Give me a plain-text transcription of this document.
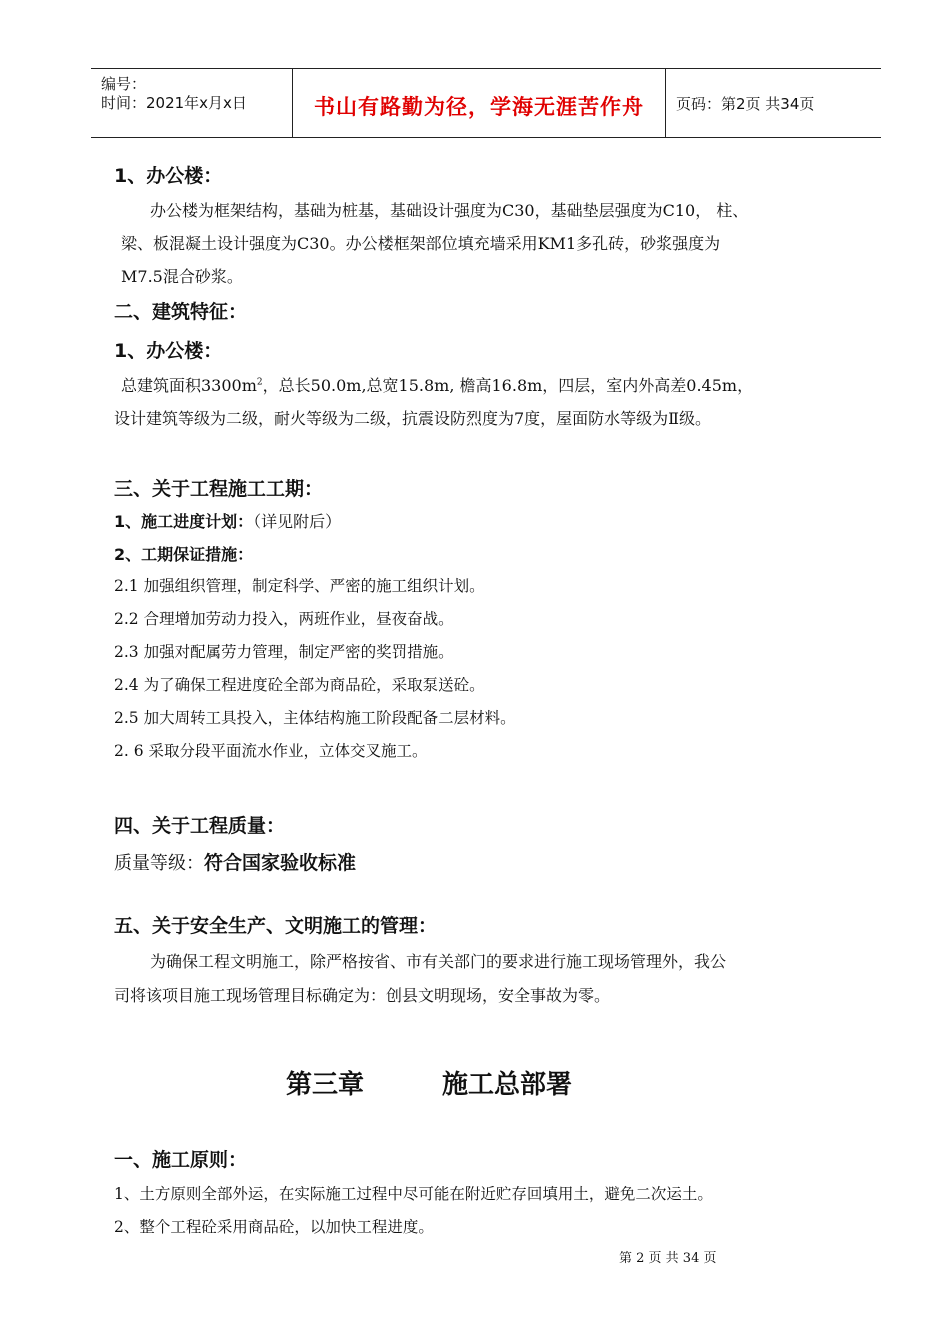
编号：
时间：2021年x月x日	书山有路勤为径，学海无涯苦作舟	页码：第2页 共34页
1、办公楼：
办公楼为框架结构，基础为桩基，基础设计强度为C30，基础垫层强度为C10， 柱、
梁、板混凝土设计强度为C30。办公楼框架部位填充墙采用KM1多孔砖，砂浆强度为
M7.5混合砂浆。
二、建筑特征：
1、办公楼：
总建筑面积$3300m^2$，总长50.0m,总宽15.8m, 檐高16.8m，四层，室内外高差0.45m，
设计建筑等级为二级，耐火等级为二级，抗震设防烈度为7度，屋面防水等级为Ⅱ级。
三、关于工程施工工期：
1、施工进度计划：（详见附后）
2、工期保证措施：
2.1 加强组织管理，制定科学、严密的施工组织计划。
2.2 合理增加劳动力投入，两班作业，昼夜奋战。
2.3 加强对配属劳力管理，制定严密的奖罚措施。
2.4 为了确保工程进度砼全部为商品砼，采取泵送砼。
2.5 加大周转工具投入，主体结构施工阶段配备二层材料。
2. 6 采取分段平面流水作业，立体交叉施工。
四、关于工程质量：
质量等级：符合国家验收标准
五、关于安全生产、文明施工的管理：
为确保工程文明施工，除严格按省、市有关部门的要求进行施工现场管理外，我公
司将该项目施工现场管理目标确定为：创县文明现场，安全事故为零。
第三章	施工总部署
一、施工原则：
1、土方原则全部外运，在实际施工过程中尽可能在附近贮存回填用土，避免二次运土。
2、整个工程砼采用商品砼，以加快工程进度。
第 2 页 共 34 页
